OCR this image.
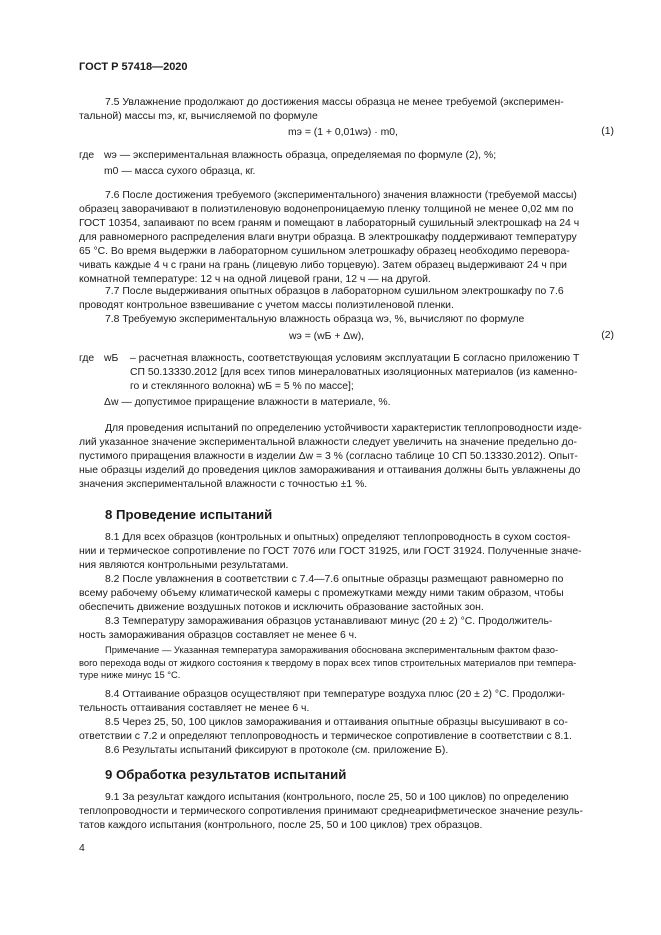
ГОСТ Р 57418—2020
7.5 Увлажнение продолжают до достижения массы образца не менее требуемой (эксперимен-
тальной) массы mэ, кг, вычисляемой по формуле
mэ = (1 + 0,01wэ) · m0,	(1)
где wэ — экспериментальная влажность образца, определяемая по формуле (2), %;
m0 — масса сухого образца, кг.
7.6 После достижения требуемого (экспериментального) значения влажности (требуемой массы)
образец заворачивают в полиэтиленовую водонепроницаемую пленку толщиной не менее 0,02 мм по
ГОСТ 10354, запаивают по всем граням и помещают в лабораторный сушильный электрошкаф на 24 ч
для равномерного распределения влаги внутри образца. В электрошкафу поддерживают температуру
65 °С. Во время выдержки в лабораторном сушильном элетрошкафу образец необходимо перевора-
чивать каждые 4 ч с грани на грань (лицевую либо торцевую). Затем образец выдерживают 24 ч при
комнатной температуре: 12 ч на одной лицевой грани, 12 ч — на другой.
7.7 После выдерживания опытных образцов в лабораторном сушильном электрошкафу по 7.6
проводят контрольное взвешивание с учетом массы полиэтиленовой пленки.
7.8 Требуемую экспериментальную влажность образца wэ, %, вычисляют по формуле
wэ = (wБ + Δw),	(2)
где wБ – расчетная влажность, соответствующая условиям эксплуатации Б согласно приложению Т
СП 50.13330.2012 [для всех типов минераловатных изоляционных материалов (из каменно-
го и стеклянного волокна) wБ = 5 % по массе];
Δw — допустимое приращение влажности в материале, %.
Для проведения испытаний по определению устойчивости характеристик теплопроводности изде-
лий указанное значение экспериментальной влажности следует увеличить на значение предельно до-
пустимого приращения влажности в изделии Δw = 3 % (согласно таблице 10 СП 50.13330.2012). Опыт-
ные образцы изделий до проведения циклов замораживания и оттаивания должны быть увлажнены до
значения экспериментальной влажности с точностью ±1 %.
8 Проведение испытаний
8.1 Для всех образцов (контрольных и опытных) определяют теплопроводность в сухом состоя-
нии и термическое сопротивление по ГОСТ 7076 или ГОСТ 31925, или ГОСТ 31924. Полученные значе-
ния являются контрольными результатами.
8.2 После увлажнения в соответствии с 7.4—7.6 опытные образцы размещают равномерно по
всему рабочему объему климатической камеры с промежутками между ними таким образом, чтобы
обеспечить движение воздушных потоков и исключить образование застойных зон.
8.3 Температуру замораживания образцов устанавливают минус (20 ± 2) °С. Продолжитель-
ность замораживания образцов составляет не менее 6 ч.
Примечание — Указанная температура замораживания обоснована экспериментальным фактом фазо-
вого перехода воды от жидкого состояния к твердому в порах всех типов строительных материалов при темпера-
туре ниже минус 15 °С.
8.4 Оттаивание образцов осуществляют при температуре воздуха плюс (20 ± 2) °С. Продолжи-
тельность оттаивания составляет не менее 6 ч.
8.5 Через 25, 50, 100 циклов замораживания и оттаивания опытные образцы высушивают в со-
ответствии с 7.2 и определяют теплопроводность и термическое сопротивление в соответствии с 8.1.
8.6 Результаты испытаний фиксируют в протоколе (см. приложение Б).
9 Обработка результатов испытаний
9.1 За результат каждого испытания (контрольного, после 25, 50 и 100 циклов) по определению
теплопроводности и термического сопротивления принимают среднеарифметическое значение резуль-
татов каждого испытания (контрольного, после 25, 50 и 100 циклов) трех образцов.
4
